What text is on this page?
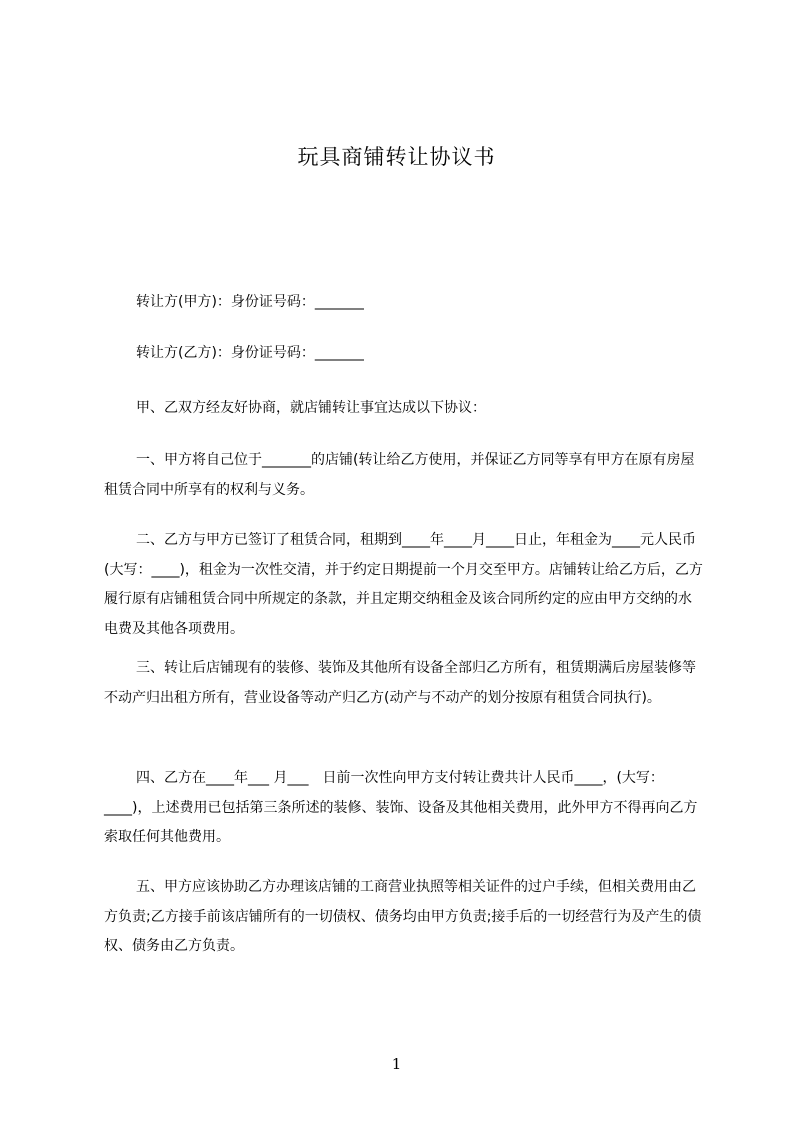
玩具商铺转让协议书

转让方(甲方)：身份证号码：_______

转让方(乙方)：身份证号码：_______

甲、乙双方经友好协商，就店铺转让事宜达成以下协议：

一、甲方将自己位于_______的店铺(转让给乙方使用，并保证乙方同等享有甲方在原有房屋租赁合同中所享有的权利与义务。

二、乙方与甲方已签订了租赁合同，租期到____年____月____日止，年租金为____元人民币(大写：____)，租金为一次性交清，并于约定日期提前一个月交至甲方。店铺转让给乙方后，乙方履行原有店铺租赁合同中所规定的条款，并且定期交纳租金及该合同所约定的应由甲方交纳的水电费及其他各项费用。

三、转让后店铺现有的装修、装饰及其他所有设备全部归乙方所有，租赁期满后房屋装修等不动产归出租方所有，营业设备等动产归乙方(动产与不动产的划分按原有租赁合同执行)。

四、乙方在____年___ 月___　日前一次性向甲方支付转让费共计人民币____，(大写：____)，上述费用已包括第三条所述的装修、装饰、设备及其他相关费用，此外甲方不得再向乙方索取任何其他费用。

五、甲方应该协助乙方办理该店铺的工商营业执照等相关证件的过户手续，但相关费用由乙方负责;乙方接手前该店铺所有的一切债权、债务均由甲方负责;接手后的一切经营行为及产生的债权、债务由乙方负责。

1
